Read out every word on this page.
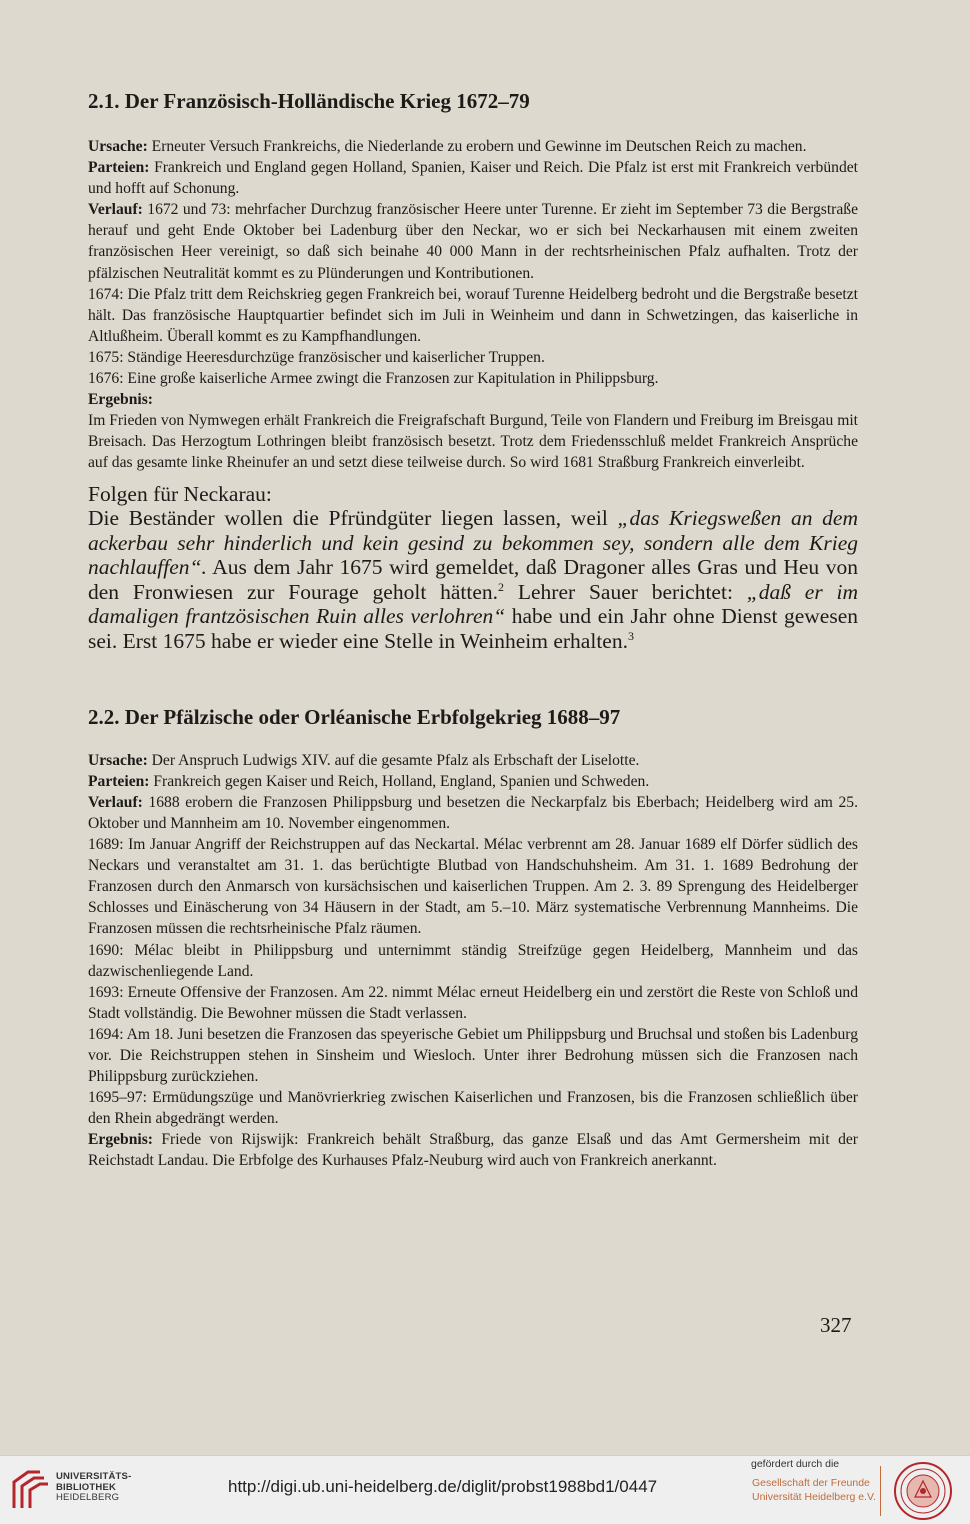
2.1. Der Französisch-Holländische Krieg 1672–79

Ursache: Erneuter Versuch Frankreichs, die Niederlande zu erobern und Gewinne im Deutschen Reich zu machen.

Parteien: Frankreich und England gegen Holland, Spanien, Kaiser und Reich. Die Pfalz ist erst mit Frankreich verbündet und hofft auf Schonung.

Verlauf: 1672 und 73: mehrfacher Durchzug französischer Heere unter Turenne. Er zieht im September 73 die Bergstraße herauf und geht Ende Oktober bei Ladenburg über den Neckar, wo er sich bei Neckarhausen mit einem zweiten französischen Heer vereinigt, so daß sich beinahe 40 000 Mann in der rechtsrheinischen Pfalz aufhalten. Trotz der pfälzischen Neutralität kommt es zu Plünderungen und Kontributionen.

1674: Die Pfalz tritt dem Reichskrieg gegen Frankreich bei, worauf Turenne Heidelberg bedroht und die Bergstraße besetzt hält. Das französische Hauptquartier befindet sich im Juli in Weinheim und dann in Schwetzingen, das kaiserliche in Altlußheim. Überall kommt es zu Kampfhandlungen.

1675: Ständige Heeresdurchzüge französischer und kaiserlicher Truppen.

1676: Eine große kaiserliche Armee zwingt die Franzosen zur Kapitulation in Philippsburg.

Ergebnis:

Im Frieden von Nymwegen erhält Frankreich die Freigrafschaft Burgund, Teile von Flandern und Freiburg im Breisgau mit Breisach. Das Herzogtum Lothringen bleibt französisch besetzt. Trotz dem Friedensschluß meldet Frankreich Ansprüche auf das gesamte linke Rheinufer an und setzt diese teilweise durch. So wird 1681 Straßburg Frankreich einverleibt.

Folgen für Neckarau:

Die Beständer wollen die Pfründgüter liegen lassen, weil „das Kriegsweßen an dem ackerbau sehr hinderlich und kein gesind zu bekommen sey, sondern alle dem Krieg nachlauffen“. Aus dem Jahr 1675 wird gemeldet, daß Dragoner alles Gras und Heu von den Fronwiesen zur Fourage geholt hätten.$^2$ Lehrer Sauer berichtet: „daß er im damaligen frantzösischen Ruin alles verlohren“ habe und ein Jahr ohne Dienst gewesen sei. Erst 1675 habe er wieder eine Stelle in Weinheim erhalten.$^3$

2.2. Der Pfälzische oder Orléanische Erbfolgekrieg 1688–97

Ursache: Der Anspruch Ludwigs XIV. auf die gesamte Pfalz als Erbschaft der Liselotte.

Parteien: Frankreich gegen Kaiser und Reich, Holland, England, Spanien und Schweden.

Verlauf: 1688 erobern die Franzosen Philippsburg und besetzen die Neckarpfalz bis Eberbach; Heidelberg wird am 25. Oktober und Mannheim am 10. November eingenommen.

1689: Im Januar Angriff der Reichstruppen auf das Neckartal. Mélac verbrennt am 28. Januar 1689 elf Dörfer südlich des Neckars und veranstaltet am 31. 1. das berüchtigte Blutbad von Handschuhsheim. Am 31. 1. 1689 Bedrohung der Franzosen durch den Anmarsch von kursächsischen und kaiserlichen Truppen. Am 2. 3. 89 Sprengung des Heidelberger Schlosses und Einäscherung von 34 Häusern in der Stadt, am 5.–10. März systematische Verbrennung Mannheims. Die Franzosen müssen die rechtsrheinische Pfalz räumen.

1690: Mélac bleibt in Philippsburg und unternimmt ständig Streifzüge gegen Heidelberg, Mannheim und das dazwischenliegende Land.

1693: Erneute Offensive der Franzosen. Am 22. nimmt Mélac erneut Heidelberg ein und zerstört die Reste von Schloß und Stadt vollständig. Die Bewohner müssen die Stadt verlassen.

1694: Am 18. Juni besetzen die Franzosen das speyerische Gebiet um Philippsburg und Bruchsal und stoßen bis Ladenburg vor. Die Reichstruppen stehen in Sinsheim und Wiesloch. Unter ihrer Bedrohung müssen sich die Franzosen nach Philippsburg zurückziehen.

1695–97: Ermüdungszüge und Manövrierkrieg zwischen Kaiserlichen und Franzosen, bis die Franzosen schließlich über den Rhein abgedrängt werden.

Ergebnis: Friede von Rijswijk: Frankreich behält Straßburg, das ganze Elsaß und das Amt Germersheim mit der Reichstadt Landau. Die Erbfolge des Kurhauses Pfalz-Neuburg wird auch von Frankreich anerkannt.

327
UNIVERSITÄTS-
BIBLIOTHEK
HEIDELBERG
http://digi.ub.uni-heidelberg.de/diglit/probst1988bd1/0447
gefördert durch die
Gesellschaft der Freunde
Universität Heidelberg e.V.
